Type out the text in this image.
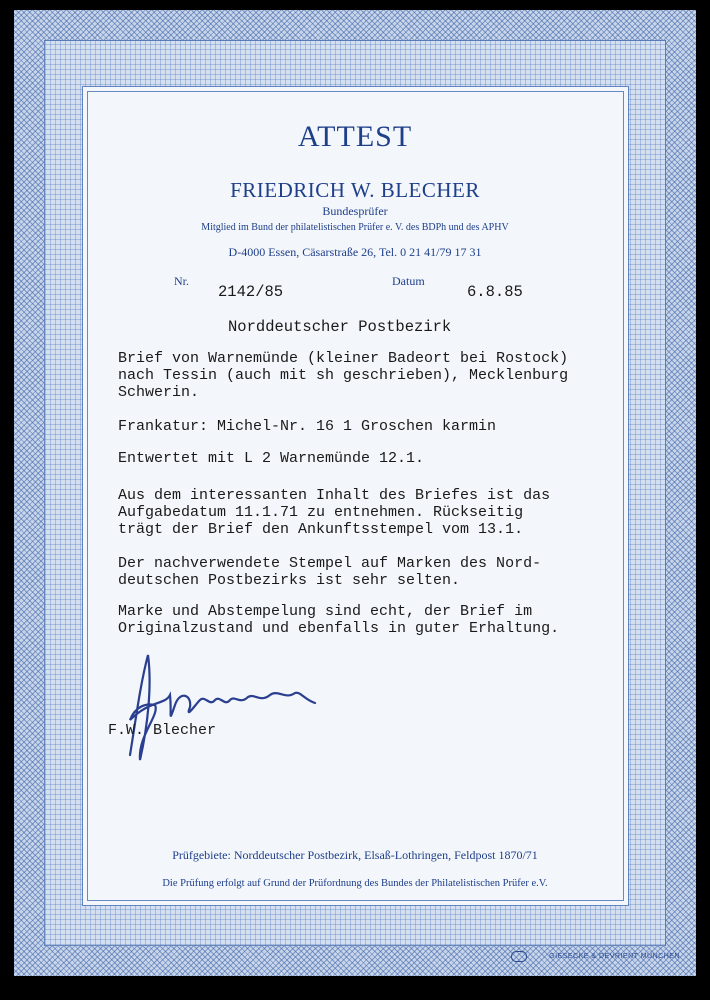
ATTEST
FRIEDRICH W. BLECHER
Bundesprüfer
Mitglied im Bund der philatelistischen Prüfer e. V. des BDPh und des APHV
D-4000 Essen, Cäsarstraße 26, Tel. 0 21 41/79 17 31
Nr.
2142/85
Datum
6.8.85
Norddeutscher Postbezirk
Brief von Warnemünde (kleiner Badeort bei Rostock)
nach Tessin (auch mit sh geschrieben), Mecklenburg
Schwerin.
Frankatur: Michel-Nr. 16 1 Groschen karmin
Entwertet mit L 2 Warnemünde 12.1.
Aus dem interessanten Inhalt des Briefes ist das
Aufgabedatum 11.1.71 zu entnehmen. Rückseitig
trägt der Brief den Ankunftsstempel vom 13.1.
Der nachverwendete Stempel auf Marken des Nord-
deutschen Postbezirks ist sehr selten.
Marke und Abstempelung sind echt, der Brief im
Originalzustand und ebenfalls in guter Erhaltung.
F.W. Blecher
Prüfgebiete: Norddeutscher Postbezirk, Elsaß-Lothringen, Feldpost 1870/71
Die Prüfung erfolgt auf Grund der Prüfordnung des Bundes der Philatelistischen Prüfer e.V.
GIESECKE & DEVRIENT MÜNCHEN
